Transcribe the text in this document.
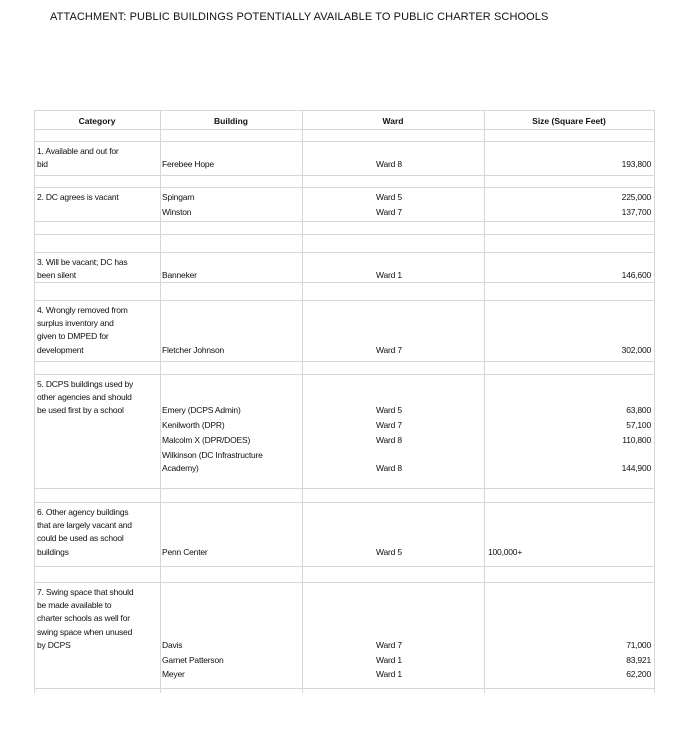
ATTACHMENT: PUBLIC BUILDINGS POTENTIALLY AVAILABLE TO PUBLIC CHARTER SCHOOLS
Category	Building	Ward	Size (Square Feet)
1. Available and out for
bid	Ferebee Hope	Ward 8	193,800
2. DC agrees is vacant	Spingarn	Ward 5	225,000
Winston	Ward 7	137,700
3. Will be vacant; DC has
been silent	Banneker	Ward 1	146,600
4. Wrongly removed from
surplus inventory and
given to DMPED for
development	Fletcher Johnson	Ward 7	302,000
5. DCPS buildings used by
other agencies and should
be used first by a school	Emery (DCPS Admin)	Ward 5	63,800
Kenilworth (DPR)	Ward 7	57,100
Malcolm X (DPR/DOES)	Ward 8	110,800
Wilkinson (DC Infrastructure
Academy)	Ward 8	144,900
6. Other agency buildings
that are largely vacant and
could be used as school
buildings	Penn Center	Ward 5	100,000+
7. Swing space that should
be made available to
charter schools as well for
swing space when unused
by DCPS	Davis	Ward 7	71,000
Garnet Patterson	Ward 1	83,921
Meyer	Ward 1	62,200
